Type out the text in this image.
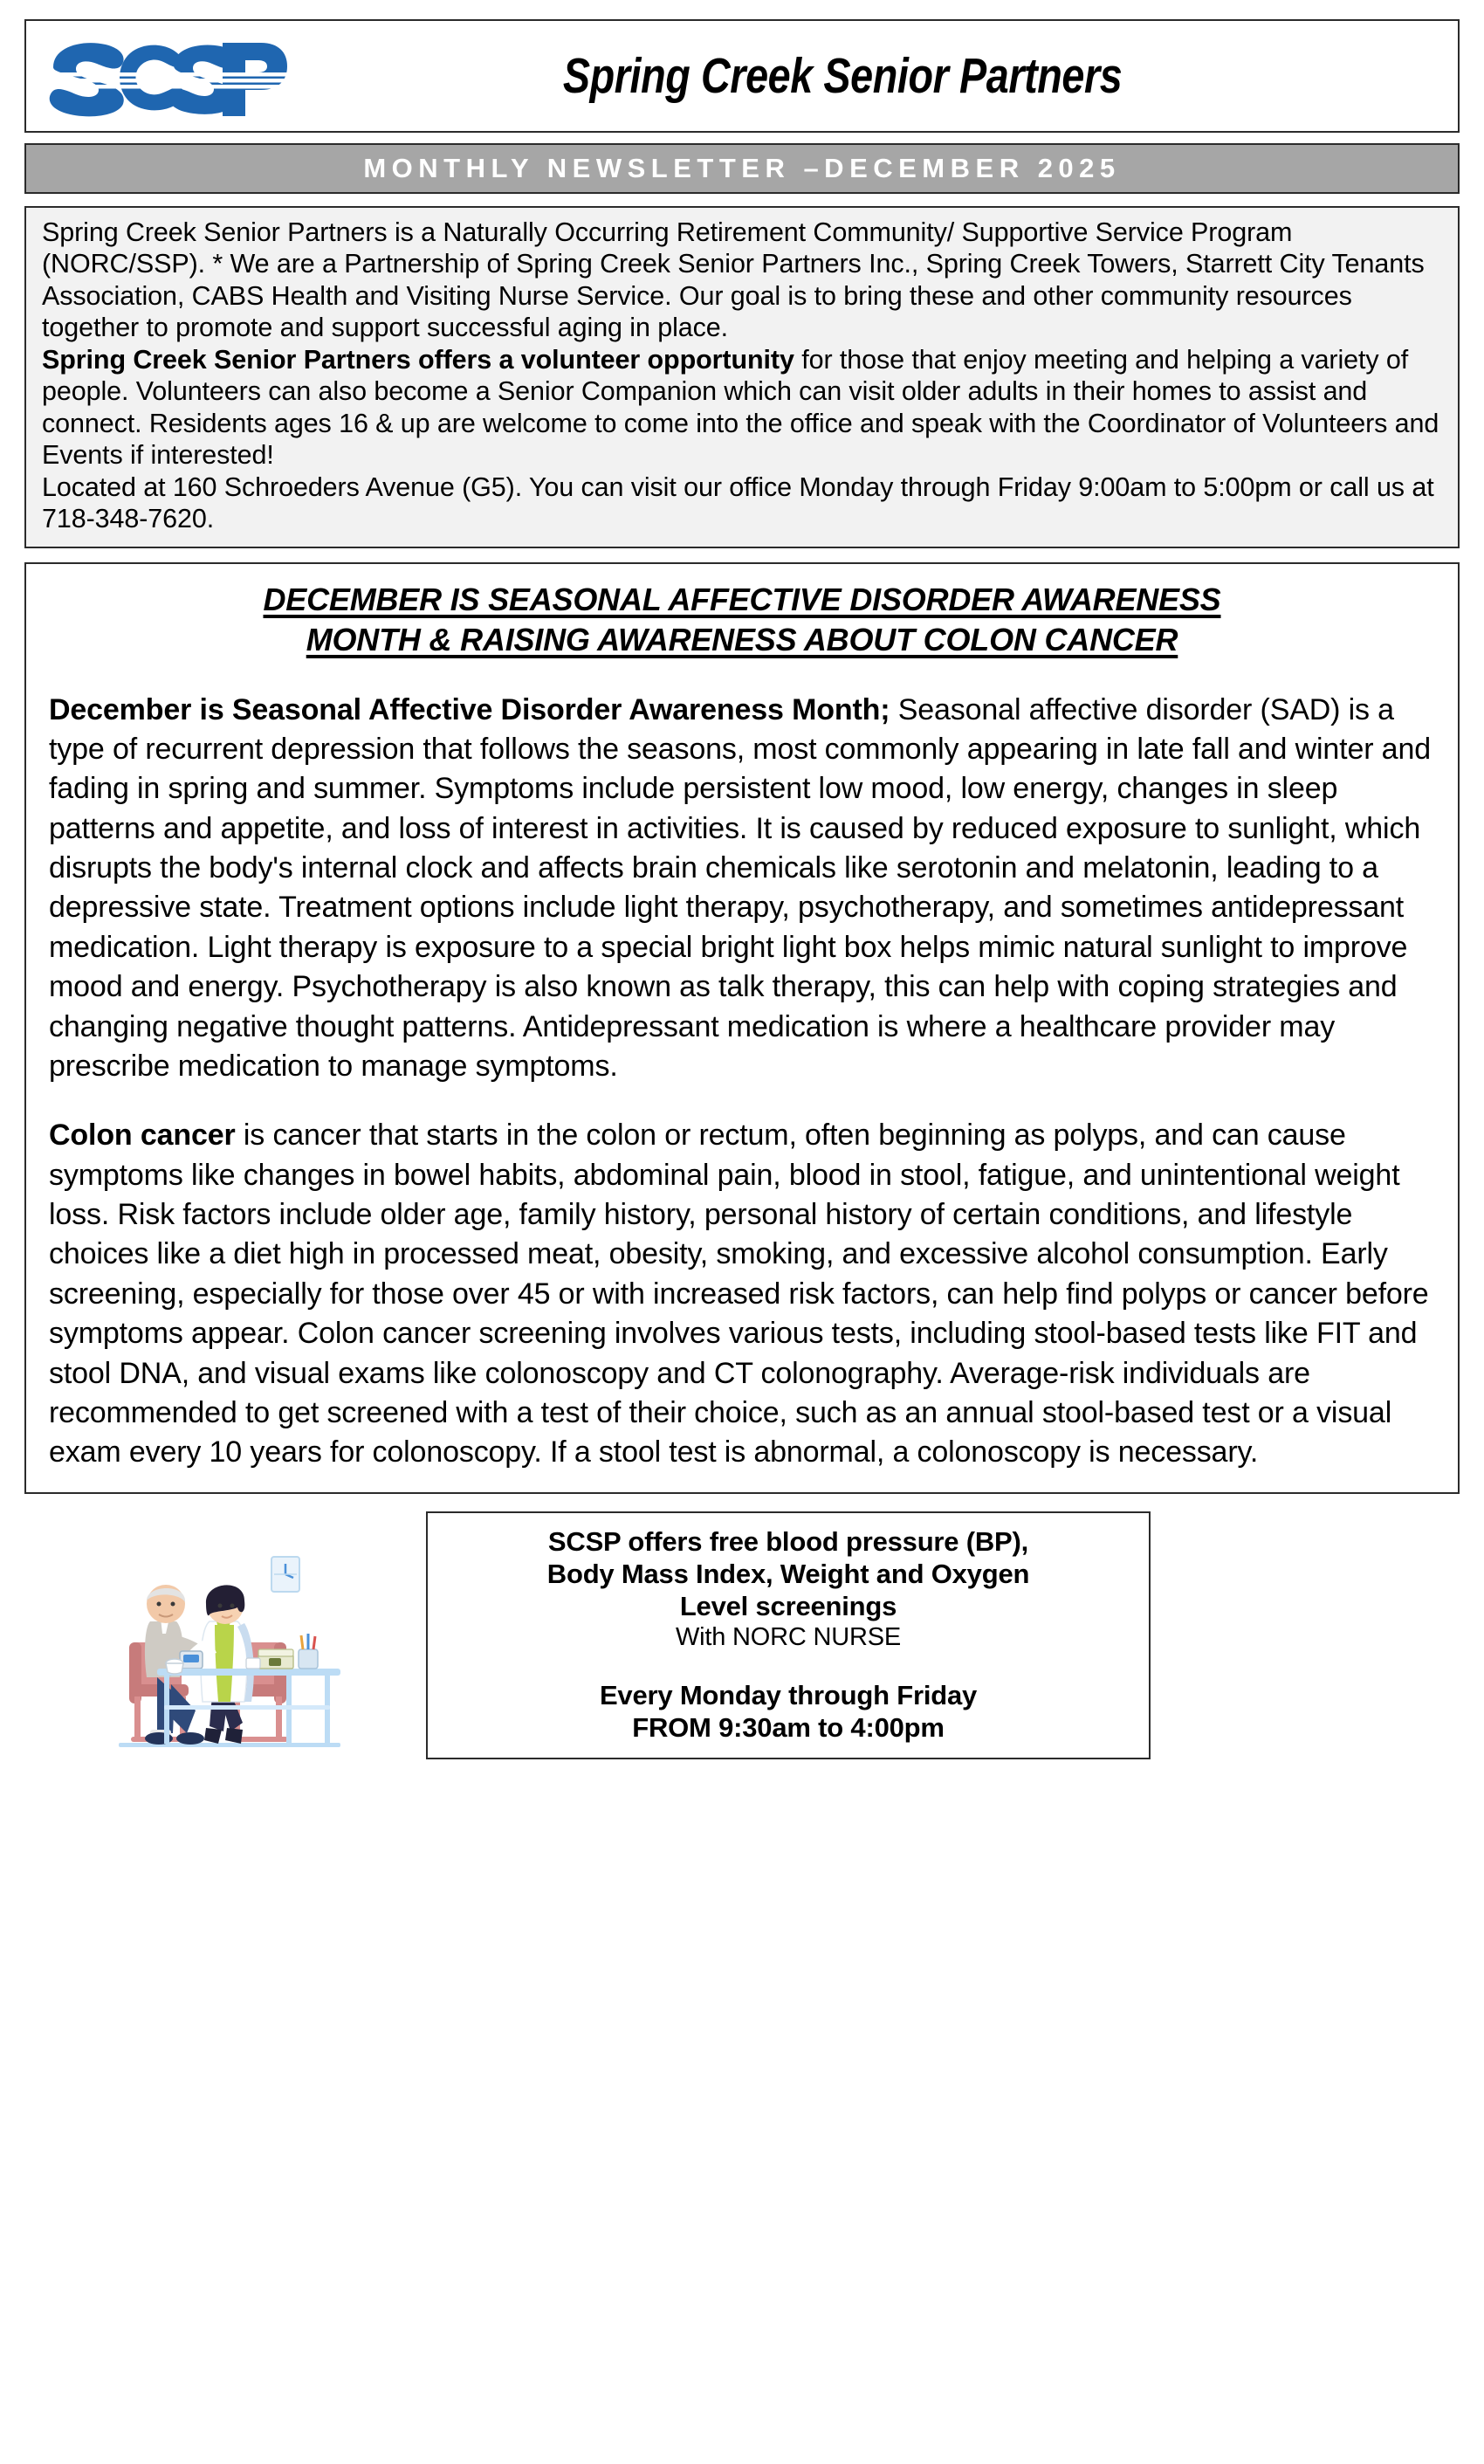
Spring Creek Senior Partners
MONTHLY NEWSLETTER –DECEMBER 2025

Spring Creek Senior Partners is a Naturally Occurring Retirement Community/ Supportive Service Program (NORC/SSP). * We are a Partnership of Spring Creek Senior Partners Inc., Spring Creek Towers, Starrett City Tenants Association, CABS Health and Visiting Nurse Service. Our goal is to bring these and other community resources together to promote and support successful aging in place.

Spring Creek Senior Partners offers a volunteer opportunity for those that enjoy meeting and helping a variety of people. Volunteers can also become a Senior Companion which can visit older adults in their homes to assist and connect. Residents ages 16 & up are welcome to come into the office and speak with the Coordinator of Volunteers and Events if interested!

Located at 160 Schroeders Avenue (G5). You can visit our office Monday through Friday 9:00am to 5:00pm or call us at 718-348-7620.

DECEMBER IS SEASONAL AFFECTIVE DISORDER AWARENESS
MONTH & RAISING AWARENESS ABOUT COLON CANCER

December is Seasonal Affective Disorder Awareness Month; Seasonal affective disorder (SAD) is a type of recurrent depression that follows the seasons, most commonly appearing in late fall and winter and fading in spring and summer. Symptoms include persistent low mood, low energy, changes in sleep patterns and appetite, and loss of interest in activities. It is caused by reduced exposure to sunlight, which disrupts the body's internal clock and affects brain chemicals like serotonin and melatonin, leading to a depressive state. Treatment options include light therapy, psychotherapy, and sometimes antidepressant medication. Light therapy is exposure to a special bright light box helps mimic natural sunlight to improve mood and energy. Psychotherapy is also known as talk therapy, this can help with coping strategies and changing negative thought patterns. Antidepressant medication is where a healthcare provider may prescribe medication to manage symptoms.

Colon cancer is cancer that starts in the colon or rectum, often beginning as polyps, and can cause symptoms like changes in bowel habits, abdominal pain, blood in stool, fatigue, and unintentional weight loss. Risk factors include older age, family history, personal history of certain conditions, and lifestyle choices like a diet high in processed meat, obesity, smoking, and excessive alcohol consumption. Early screening, especially for those over 45 or with increased risk factors, can help find polyps or cancer before symptoms appear. Colon cancer screening involves various tests, including stool-based tests like FIT and stool DNA, and visual exams like colonoscopy and CT colonography. Average-risk individuals are recommended to get screened with a test of their choice, such as an annual stool-based test or a visual exam every 10 years for colonoscopy. If a stool test is abnormal, a colonoscopy is necessary.

SCSP offers free blood pressure (BP),
Body Mass Index, Weight and Oxygen
Level screenings
With NORC NURSE
Every Monday through Friday
FROM 9:30am to 4:00pm
